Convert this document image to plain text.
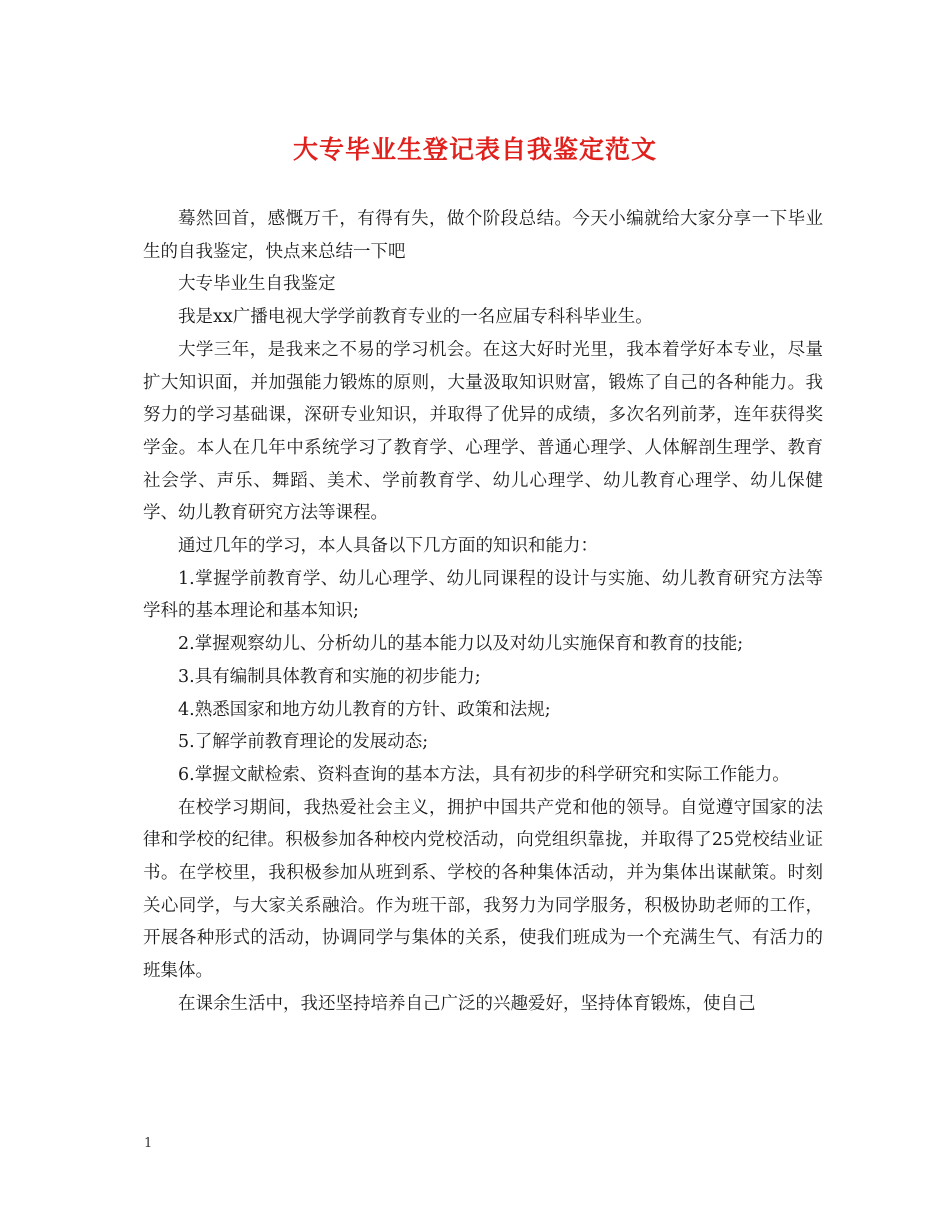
大专毕业生登记表自我鉴定范文

蓦然回首，感慨万千，有得有失，做个阶段总结。今天小编就给大家分享一下毕业生的自我鉴定，快点来总结一下吧

大专毕业生自我鉴定

我是xx广播电视大学学前教育专业的一名应届专科科毕业生。

大学三年，是我来之不易的学习机会。在这大好时光里，我本着学好本专业，尽量扩大知识面，并加强能力锻炼的原则，大量汲取知识财富，锻炼了自己的各种能力。我努力的学习基础课，深研专业知识，并取得了优异的成绩，多次名列前茅，连年获得奖学金。本人在几年中系统学习了教育学、心理学、普通心理学、人体解剖生理学、教育社会学、声乐、舞蹈、美术、学前教育学、幼儿心理学、幼儿教育心理学、幼儿保健学、幼儿教育研究方法等课程。

通过几年的学习，本人具备以下几方面的知识和能力：

1.掌握学前教育学、幼儿心理学、幼儿同课程的设计与实施、幼儿教育研究方法等学科的基本理论和基本知识;

2.掌握观察幼儿、分析幼儿的基本能力以及对幼儿实施保育和教育的技能;

3.具有编制具体教育和实施的初步能力;

4.熟悉国家和地方幼儿教育的方针、政策和法规;

5.了解学前教育理论的发展动态;

6.掌握文献检索、资料查询的基本方法，具有初步的科学研究和实际工作能力。

在校学习期间，我热爱社会主义，拥护中国共产党和他的领导。自觉遵守国家的法律和学校的纪律。积极参加各种校内党校活动，向党组织靠拢，并取得了25党校结业证书。在学校里，我积极参加从班到系、学校的各种集体活动，并为集体出谋献策。时刻关心同学，与大家关系融洽。作为班干部，我努力为同学服务，积极协助老师的工作，开展各种形式的活动，协调同学与集体的关系，使我们班成为一个充满生气、有活力的班集体。

在课余生活中，我还坚持培养自己广泛的兴趣爱好，坚持体育锻炼，使自己

1
